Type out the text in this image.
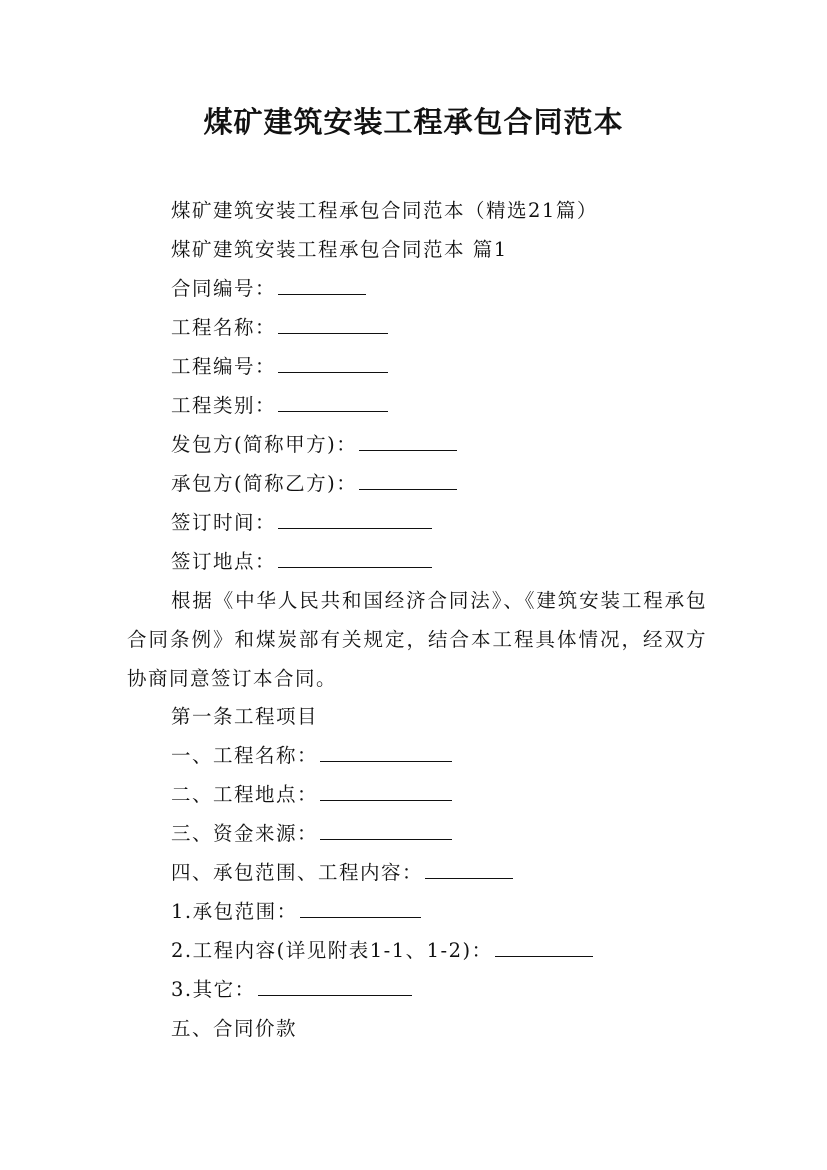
煤矿建筑安装工程承包合同范本
煤矿建筑安装工程承包合同范本（精选21篇）
煤矿建筑安装工程承包合同范本 篇1
合同编号：
工程名称：
工程编号：
工程类别：
发包方(简称甲方)：
承包方(简称乙方)：
签订时间：
签订地点：
根据《中华人民共和国经济合同法》、《建筑安装工程承包合同条例》和煤炭部有关规定，结合本工程具体情况，经双方协商同意签订本合同。
第一条工程项目
一、工程名称：
二、工程地点：
三、资金来源：
四、承包范围、工程内容：
1.承包范围：
2.工程内容(详见附表1-1、1-2)：
3.其它：
五、合同价款
